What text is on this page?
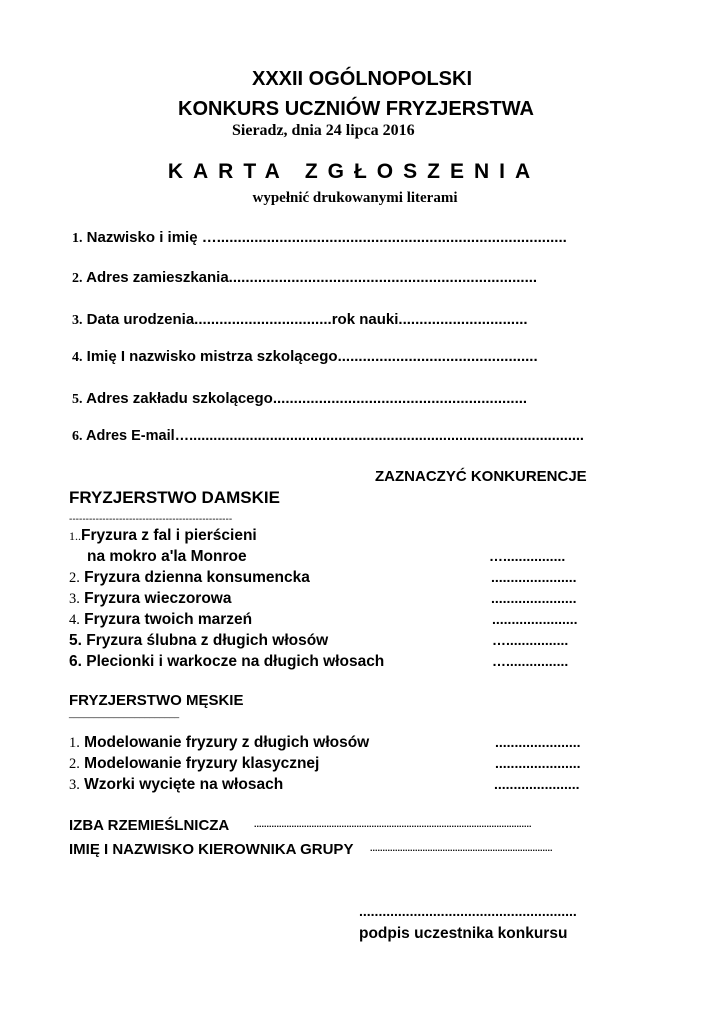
XXXII OGÓLNOPOLSKI
KONKURS UCZNIÓW FRYZJERSTWA
Sieradz, dnia 24 lipca 2016
KARTA ZGŁOSZENIA
wypełnić drukowanymi literami
1. Nazwisko i imię …....................................................................................
2. Adres zamieszkania..........................................................................
3. Data urodzenia.................................rok nauki...............................
4. Imię I nazwisko mistrza szkolącego................................................
5. Adres zakładu szkolącego.............................................................
6. Adres E-mail…..................................................................................................
ZAZNACZYĆ KONKURENCJE
FRYZJERSTWO DAMSKIE
-------------------------------------------------
1..Fryzura z fal i pierścieni
na mokro a'la Monroe	…................
2. Fryzura dzienna konsumencka	......................
3. Fryzura wieczorowa	......................
4. Fryzura twoich marzeń	......................
5. Fryzura ślubna z długich włosów	…................
6. Plecionki i warkocze na długich włosach	…................
FRYZJERSTWO MĘSKIE
______________________
1. Modelowanie fryzury z długich włosów	......................
2. Modelowanie fryzury klasycznej	......................
3. Wzorki wycięte na włosach	......................
IZBA RZEMIEŚLNICZA	...............................................................................................................
IMIĘ I NAZWISKO KIEROWNIKA GRUPY .........................................................................
........................................................
podpis uczestnika konkursu
